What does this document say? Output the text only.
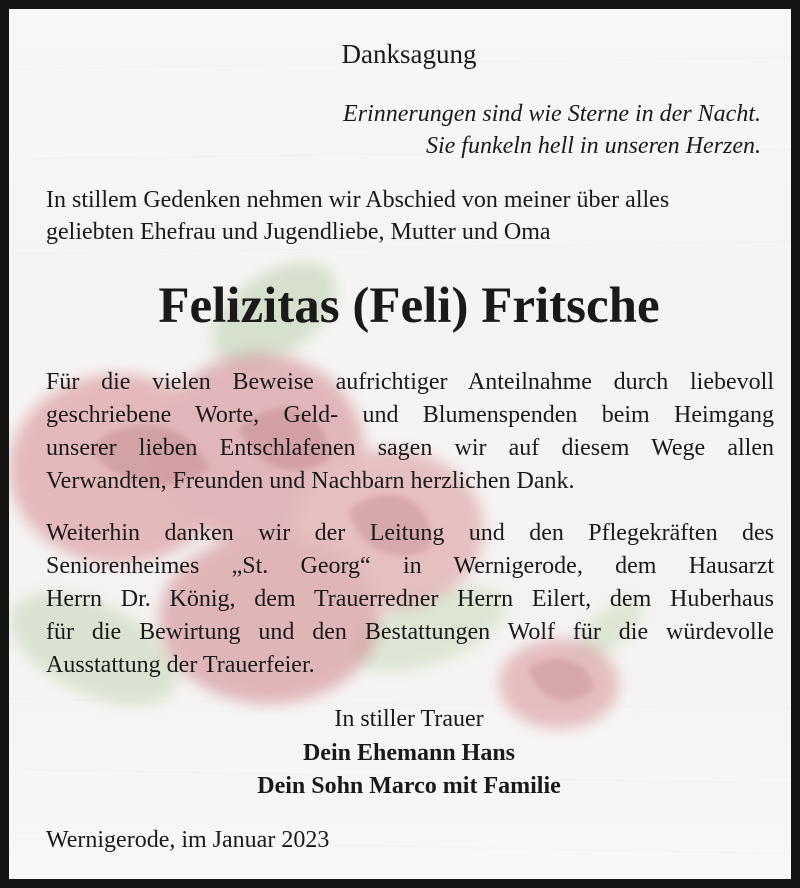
Danksagung

Erinnerungen sind wie Sterne in der Nacht.

Sie funkeln hell in unseren Herzen.

In stillem Gedenken nehmen wir Abschied von meiner über alles

geliebten Ehefrau und Jugendliebe, Mutter und Oma

Felizitas (Feli) Fritsche

Für die vielen Beweise aufrichtiger Anteilnahme durch liebevoll

geschriebene Worte, Geld- und Blumenspenden beim Heimgang

unserer lieben Entschlafenen sagen wir auf diesem Wege allen

Verwandten, Freunden und Nachbarn herzlichen Dank.

Weiterhin danken wir der Leitung und den Pflegekräften des

Seniorenheimes „St. Georg“ in Wernigerode, dem Hausarzt

Herrn Dr. König, dem Trauerredner Herrn Eilert, dem Huberhaus

für die Bewirtung und den Bestattungen Wolf für die würdevolle

Ausstattung der Trauerfeier.

In stiller Trauer

Dein Ehemann Hans

Dein Sohn Marco mit Familie

Wernigerode, im Januar 2023
